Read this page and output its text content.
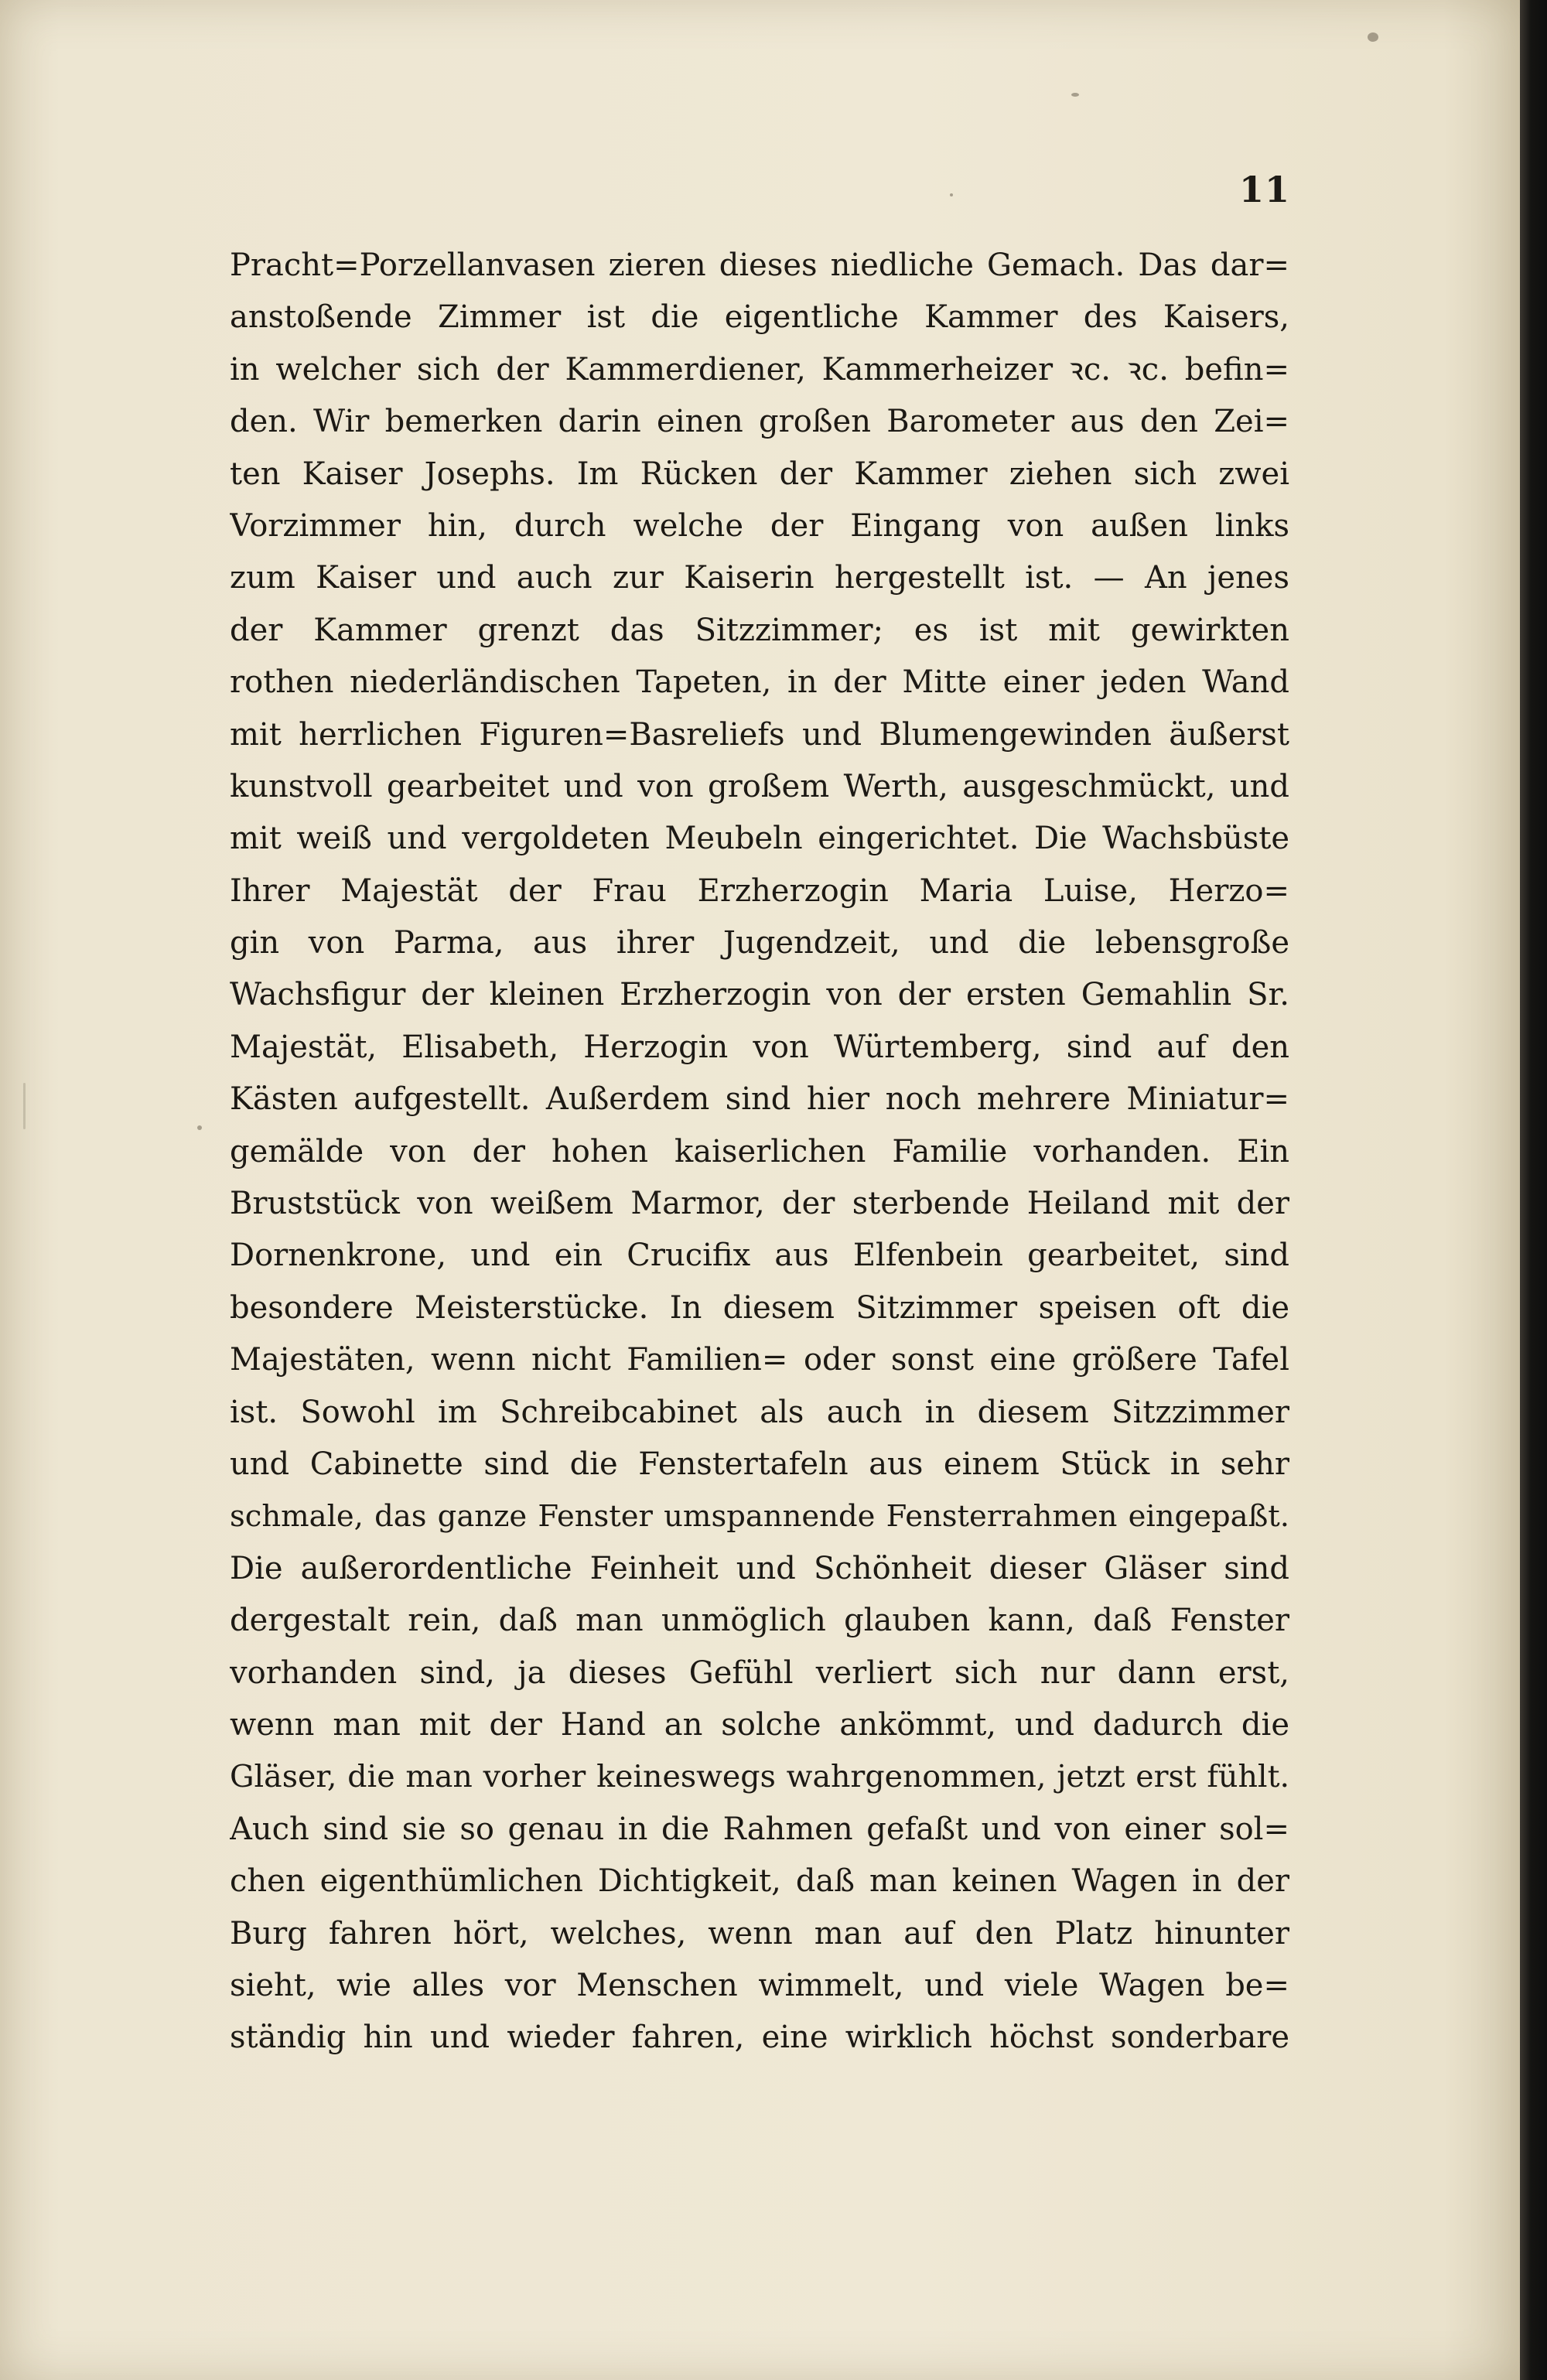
11
Pracht=Porzellanvasen zieren dieses niedliche Gemach. Das dar=
anstoßende Zimmer ist die eigentliche Kammer des Kaisers,
in welcher sich der Kammerdiener, Kammerheizer ꝛc. ꝛc. befin=
den. Wir bemerken darin einen großen Barometer aus den Zei=
ten Kaiser Josephs. Im Rücken der Kammer ziehen sich zwei
Vorzimmer hin, durch welche der Eingang von außen links
zum Kaiser und auch zur Kaiserin hergestellt ist. — An jenes
der Kammer grenzt das Sitzzimmer; es ist mit gewirkten
rothen niederländischen Tapeten, in der Mitte einer jeden Wand
mit herrlichen Figuren=Basreliefs und Blumengewinden äußerst
kunstvoll gearbeitet und von großem Werth, ausgeschmückt, und
mit weiß und vergoldeten Meubeln eingerichtet. Die Wachsbüste
Ihrer Majestät der Frau Erzherzogin Maria Luise, Herzo=
gin von Parma, aus ihrer Jugendzeit, und die lebensgroße
Wachsfigur der kleinen Erzherzogin von der ersten Gemahlin Sr.
Majestät, Elisabeth, Herzogin von Würtemberg, sind auf den
Kästen aufgestellt. Außerdem sind hier noch mehrere Miniatur=
gemälde von der hohen kaiserlichen Familie vorhanden. Ein
Bruststück von weißem Marmor, der sterbende Heiland mit der
Dornenkrone, und ein Crucifix aus Elfenbein gearbeitet, sind
besondere Meisterstücke. In diesem Sitzimmer speisen oft die
Majestäten, wenn nicht Familien= oder sonst eine größere Tafel
ist. Sowohl im Schreibcabinet als auch in diesem Sitzzimmer
und Cabinette sind die Fenstertafeln aus einem Stück in sehr
schmale, das ganze Fenster umspannende Fensterrahmen eingepaßt.
Die außerordentliche Feinheit und Schönheit dieser Gläser sind
dergestalt rein, daß man unmöglich glauben kann, daß Fenster
vorhanden sind, ja dieses Gefühl verliert sich nur dann erst,
wenn man mit der Hand an solche ankömmt, und dadurch die
Gläser, die man vorher keineswegs wahrgenommen, jetzt erst fühlt.
Auch sind sie so genau in die Rahmen gefaßt und von einer sol=
chen eigenthümlichen Dichtigkeit, daß man keinen Wagen in der
Burg fahren hört, welches, wenn man auf den Platz hinunter
sieht, wie alles vor Menschen wimmelt, und viele Wagen be=
ständig hin und wieder fahren, eine wirklich höchst sonderbare
